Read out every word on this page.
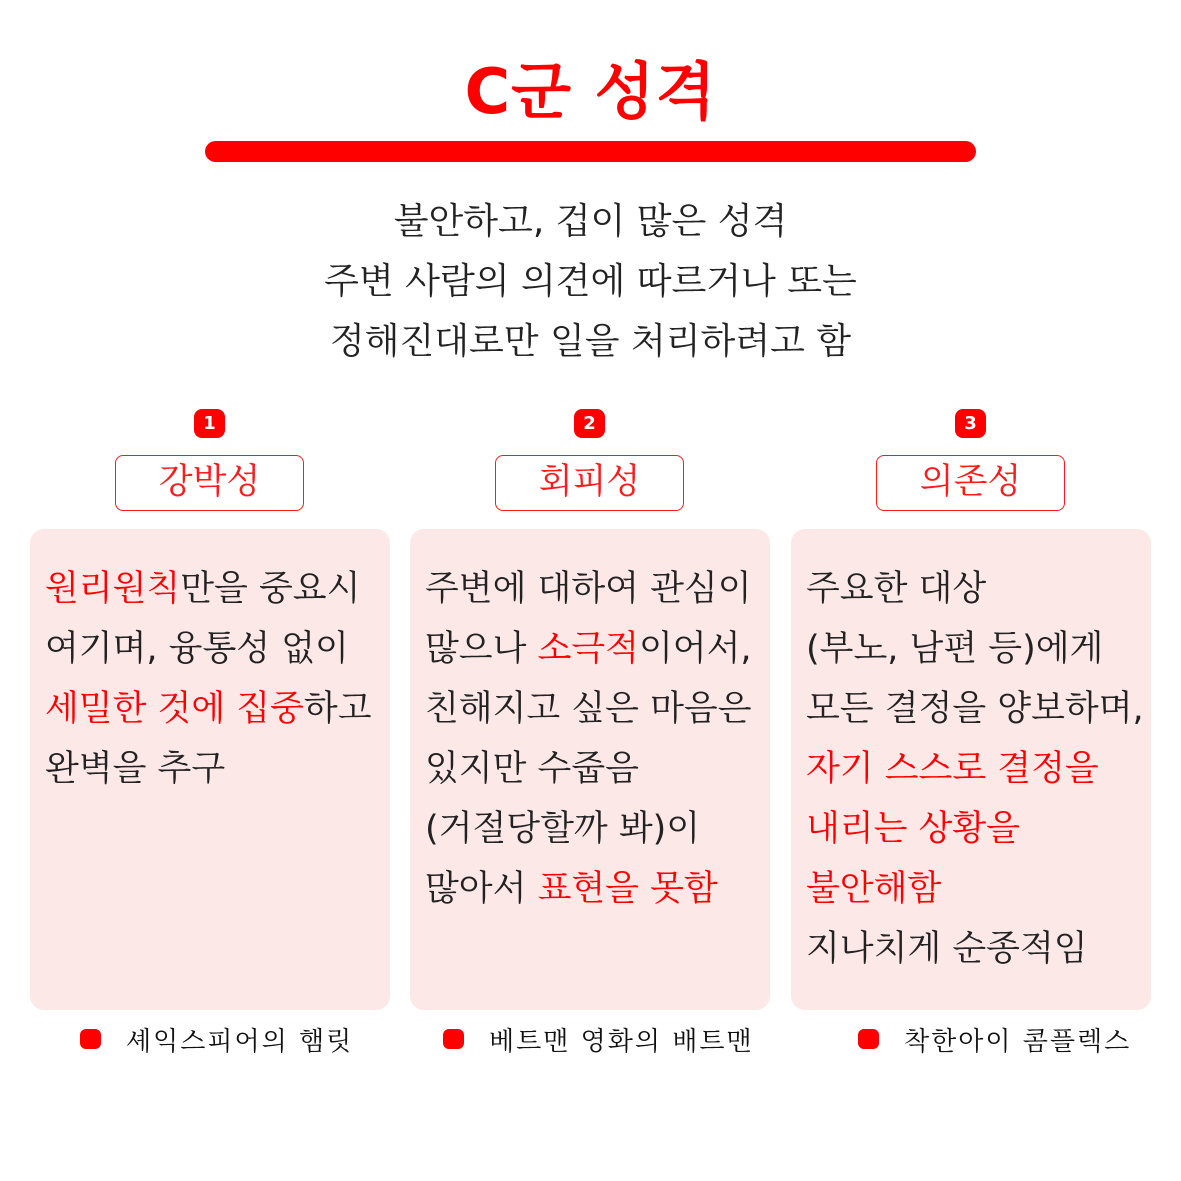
C군 성격

불안하고, 겁이 많은 성격

주변 사람의 의견에 따르거나 또는

정해진대로만 일을 처리하려고 함

1
강박성

원리원칙만을 중요시

여기며, 융통성 없이

세밀한 것에 집중하고

완벽을 추구

셰익스피어의 햄릿
2
회피성

주변에 대하여 관심이

많으나 소극적이어서,

친해지고 싶은 마음은

있지만 수줍음

(거절당할까 봐)이

많아서 표현을 못함

베트맨 영화의 배트맨
3
의존성

주요한 대상

(부노, 남편 등)에게

모든 결정을 양보하며,

자기 스스로 결정을

내리는 상황을

불안해함

지나치게 순종적임

착한아이 콤플렉스
